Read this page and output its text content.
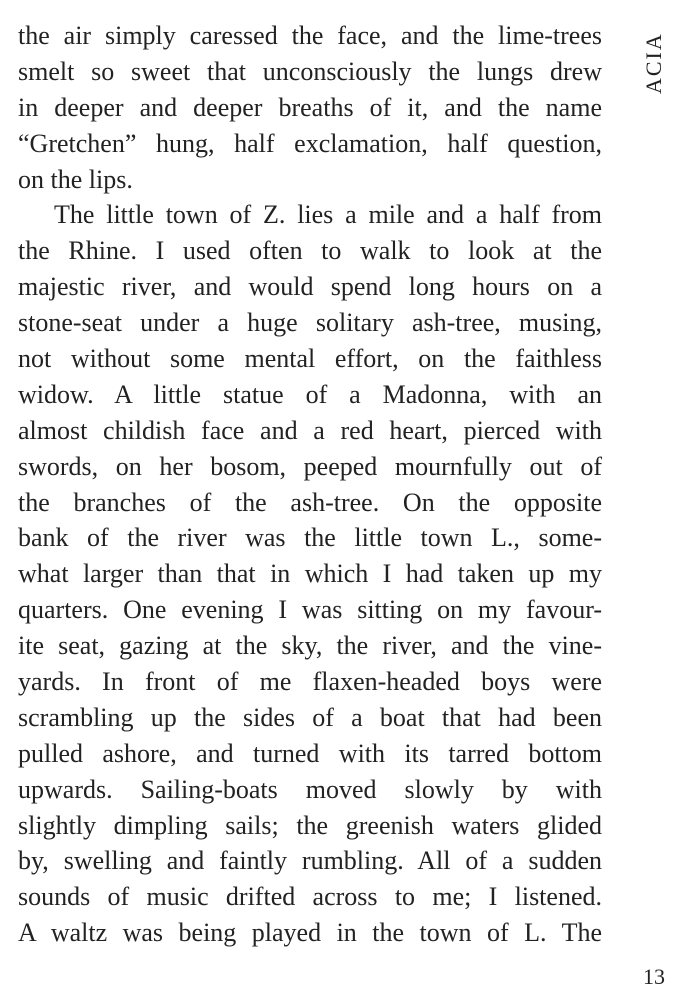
ACIA
the air simply caressed the face, and the lime-trees
smelt so sweet that unconsciously the lungs drew
in deeper and deeper breaths of it, and the name
“Gretchen” hung, half exclamation, half question,
on the lips.
The little town of Z. lies a mile and a half from
the Rhine. I used often to walk to look at the
majestic river, and would spend long hours on a
stone-seat under a huge solitary ash-tree, musing,
not without some mental effort, on the faithless
widow. A little statue of a Madonna, with an
almost childish face and a red heart, pierced with
swords, on her bosom, peeped mournfully out of
the branches of the ash-tree. On the opposite
bank of the river was the little town L., some-
what larger than that in which I had taken up my
quarters. One evening I was sitting on my favour-
ite seat, gazing at the sky, the river, and the vine-
yards. In front of me flaxen-headed boys were
scrambling up the sides of a boat that had been
pulled ashore, and turned with its tarred bottom
upwards. Sailing-boats moved slowly by with
slightly dimpling sails; the greenish waters glided
by, swelling and faintly rumbling. All of a sudden
sounds of music drifted across to me; I listened.
A waltz was being played in the town of L. The
13
